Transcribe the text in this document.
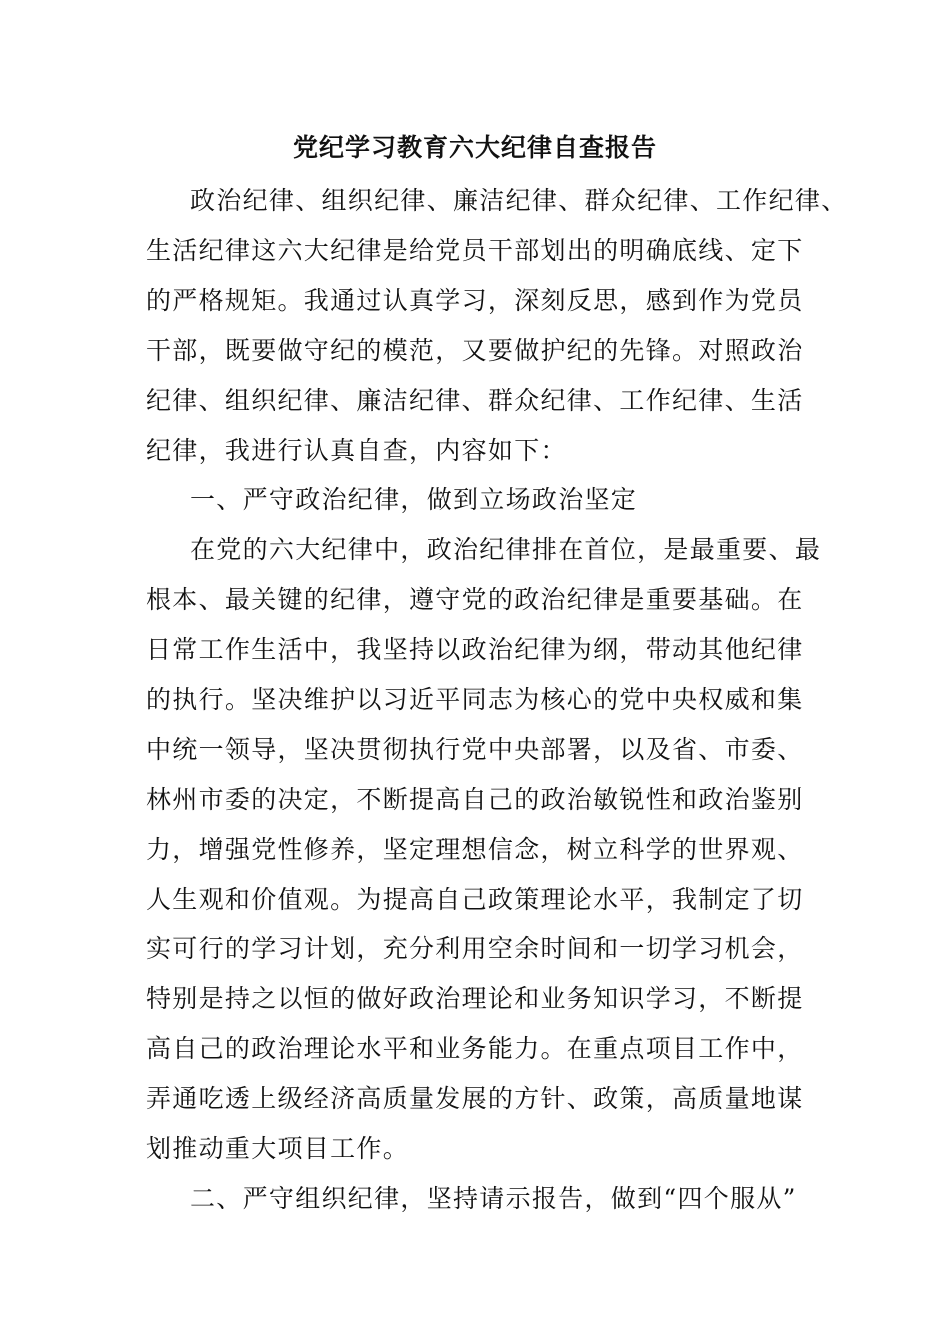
党纪学习教育六大纪律自查报告
政治纪律、组织纪律、廉洁纪律、群众纪律、工作纪律、
生活纪律这六大纪律是给党员干部划出的明确底线、定下
的严格规矩。我通过认真学习，深刻反思，感到作为党员
干部，既要做守纪的模范，又要做护纪的先锋。对照政治
纪律、组织纪律、廉洁纪律、群众纪律、工作纪律、生活
纪律，我进行认真自查，内容如下：
一、严守政治纪律，做到立场政治坚定
在党的六大纪律中，政治纪律排在首位，是最重要、最
根本、最关键的纪律，遵守党的政治纪律是重要基础。在
日常工作生活中，我坚持以政治纪律为纲，带动其他纪律
的执行。坚决维护以习近平同志为核心的党中央权威和集
中统一领导，坚决贯彻执行党中央部署，以及省、市委、
林州市委的决定，不断提高自己的政治敏锐性和政治鉴别
力，增强党性修养，坚定理想信念，树立科学的世界观、
人生观和价值观。为提高自己政策理论水平，我制定了切
实可行的学习计划，充分利用空余时间和一切学习机会，
特别是持之以恒的做好政治理论和业务知识学习，不断提
高自己的政治理论水平和业务能力。在重点项目工作中，
弄通吃透上级经济高质量发展的方针、政策，高质量地谋
划推动重大项目工作。
二、严守组织纪律，坚持请示报告，做到“四个服从”
